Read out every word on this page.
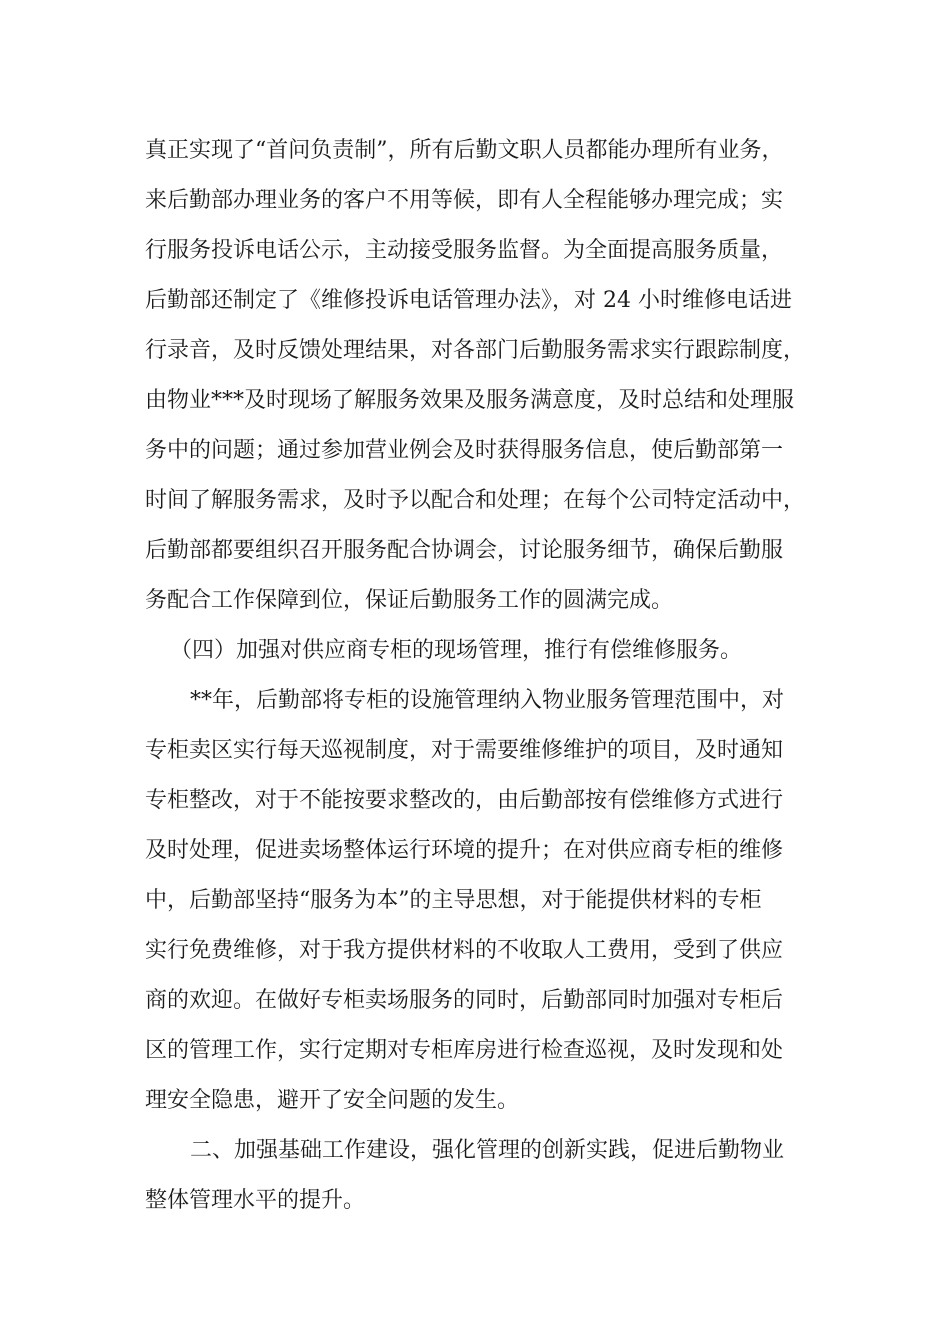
真正实现了“首问负责制”，所有后勤文职人员都能办理所有业务，
来后勤部办理业务的客户不用等候，即有人全程能够办理完成；实
行服务投诉电话公示，主动接受服务监督。为全面提高服务质量，
后勤部还制定了《维修投诉电话管理办法》，对 24 小时维修电话进
行录音，及时反馈处理结果，对各部门后勤服务需求实行跟踪制度，
由物业***及时现场了解服务效果及服务满意度，及时总结和处理服
务中的问题；通过参加营业例会及时获得服务信息，使后勤部第一
时间了解服务需求，及时予以配合和处理；在每个公司特定活动中，
后勤部都要组织召开服务配合协调会，讨论服务细节，确保后勤服
务配合工作保障到位，保证后勤服务工作的圆满完成。
（四）加强对供应商专柜的现场管理，推行有偿维修服务。
**年，后勤部将专柜的设施管理纳入物业服务管理范围中，对
专柜卖区实行每天巡视制度，对于需要维修维护的项目，及时通知
专柜整改，对于不能按要求整改的，由后勤部按有偿维修方式进行
及时处理，促进卖场整体运行环境的提升；在对供应商专柜的维修
中，后勤部坚持“服务为本”的主导思想，对于能提供材料的专柜
实行免费维修，对于我方提供材料的不收取人工费用，受到了供应
商的欢迎。在做好专柜卖场服务的同时，后勤部同时加强对专柜后
区的管理工作，实行定期对专柜库房进行检查巡视，及时发现和处
理安全隐患，避开了安全问题的发生。
二、加强基础工作建设，强化管理的创新实践，促进后勤物业
整体管理水平的提升。
